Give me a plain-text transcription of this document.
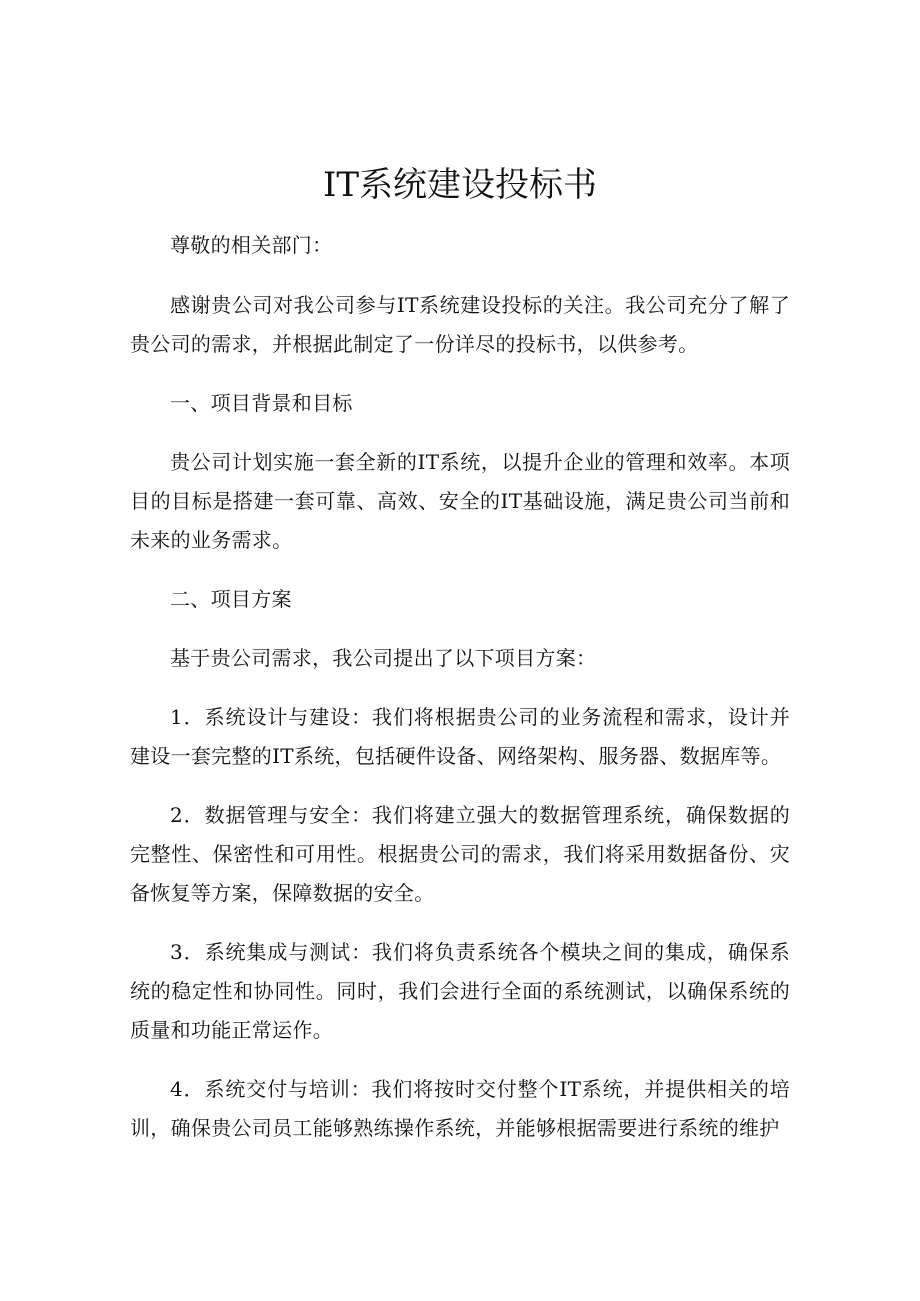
IT系统建设投标书

尊敬的相关部门：

感谢贵公司对我公司参与IT系统建设投标的关注。我公司充分了解了贵公司的需求，并根据此制定了一份详尽的投标书，以供参考。

一、项目背景和目标

贵公司计划实施一套全新的IT系统，以提升企业的管理和效率。本项目的目标是搭建一套可靠、高效、安全的IT基础设施，满足贵公司当前和未来的业务需求。

二、项目方案

基于贵公司需求，我公司提出了以下项目方案：

1．系统设计与建设：我们将根据贵公司的业务流程和需求，设计并建设一套完整的IT系统，包括硬件设备、网络架构、服务器、数据库等。

2．数据管理与安全：我们将建立强大的数据管理系统，确保数据的完整性、保密性和可用性。根据贵公司的需求，我们将采用数据备份、灾备恢复等方案，保障数据的安全。

3．系统集成与测试：我们将负责系统各个模块之间的集成，确保系统的稳定性和协同性。同时，我们会进行全面的系统测试，以确保系统的质量和功能正常运作。

4．系统交付与培训：我们将按时交付整个IT系统，并提供相关的培训，确保贵公司员工能够熟练操作系统，并能够根据需要进行系统的维护
